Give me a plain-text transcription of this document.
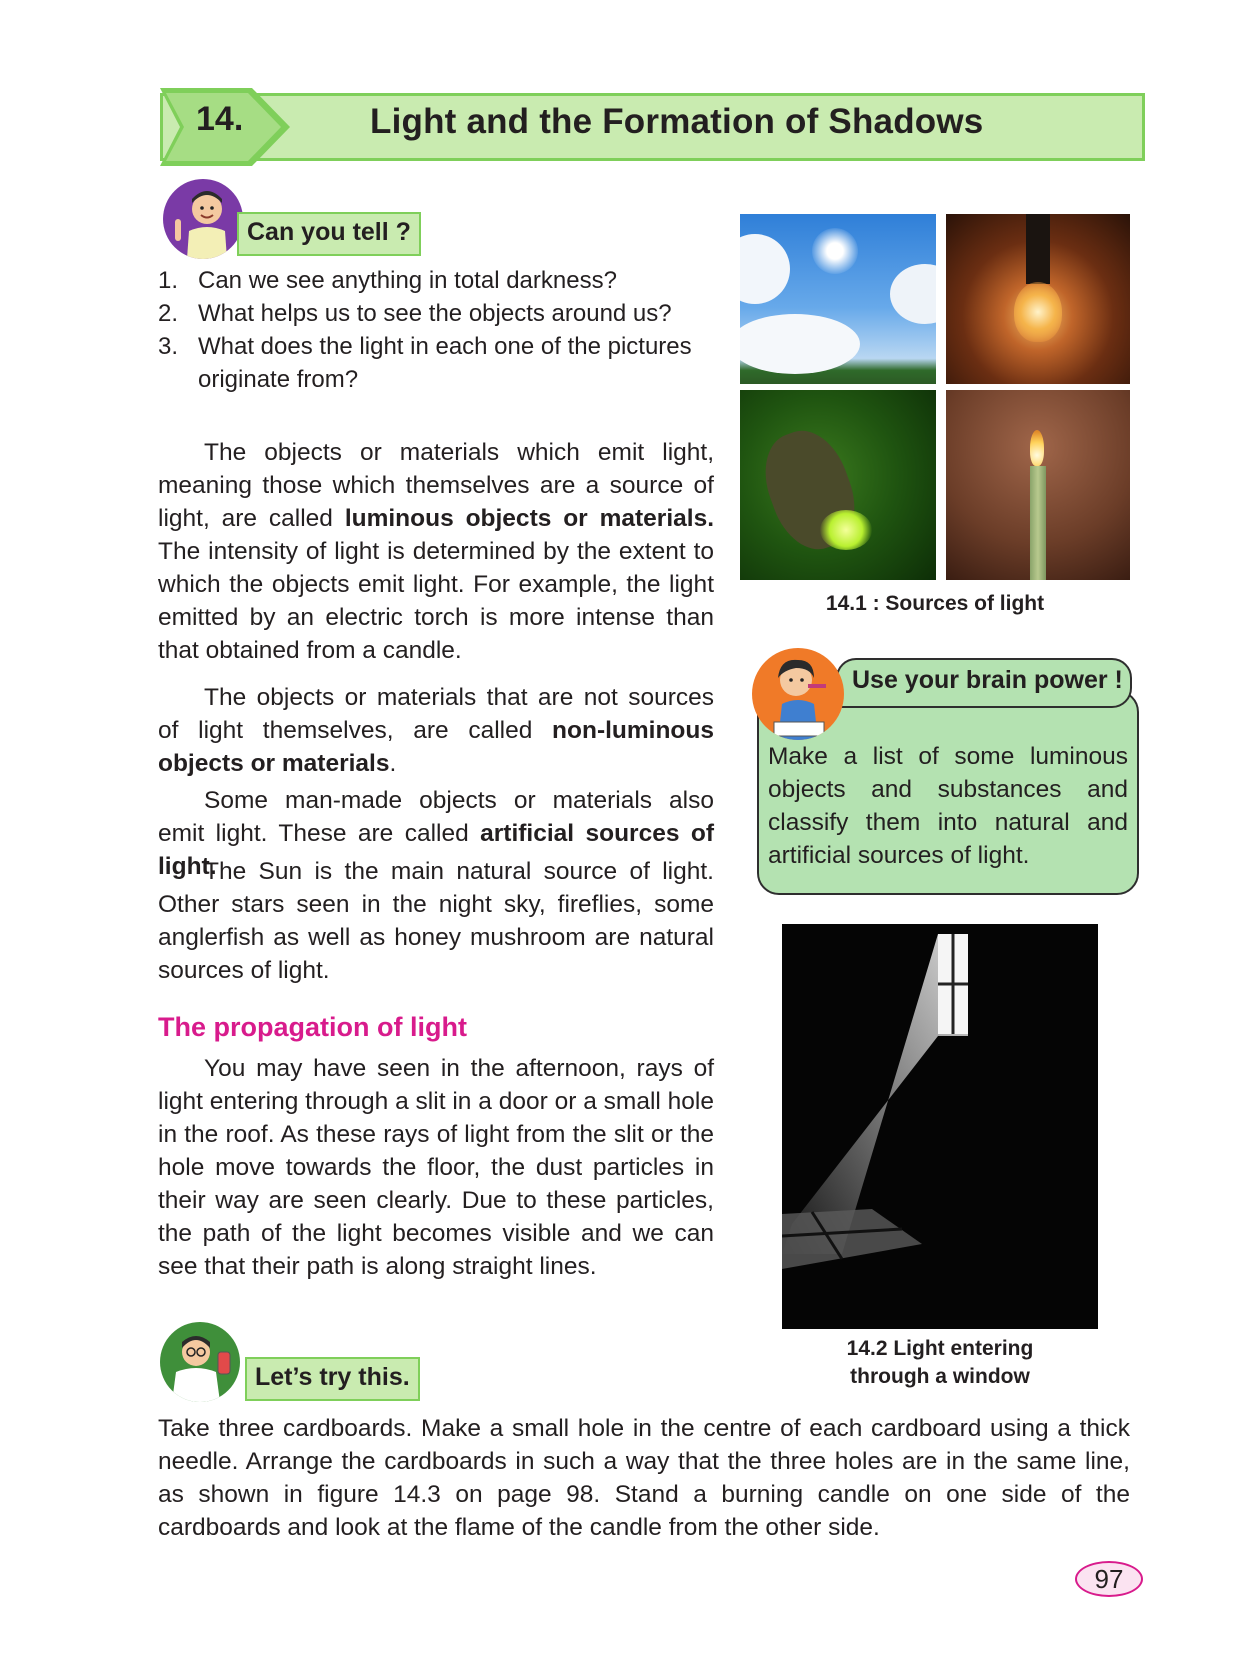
14.	Light and the Formation of Shadows
Can you tell ?
1. Can we see anything in total darkness?
2. What helps us to see the objects around us?
3. What does the light in each one of the pictures originate from?
The objects or materials which emit light, meaning those which themselves are a source of light, are called luminous objects or materials. The intensity of light is determined by the extent to which the objects emit light. For example, the light emitted by an electric torch is more intense than that obtained from a candle.
The objects or materials that are not sources of light themselves, are called non-luminous objects or materials.
Some man-made objects or materials also emit light. These are called artificial sources of light.
The Sun is the main natural source of light. Other stars seen in the night sky, fireflies, some anglerfish as well as honey mushroom are natural sources of light.
The propagation of light
You may have seen in the afternoon, rays of light entering through a slit in a door or a small hole in the roof. As these rays of light from the slit or the hole move towards the floor, the dust particles in their way are seen clearly. Due to these particles, the path of the light becomes visible and we can see that their path is along straight lines.
14.1 : Sources of light
Use your brain power !
Make a list of some luminous objects and substances and classify them into natural and artificial sources of light.
14.2 Light entering
through a window
Let’s try this.
Take three cardboards. Make a small hole in the centre of each cardboard using a thick needle. Arrange the cardboards in such a way that the three holes are in the same line, as shown in figure 14.3 on page 98. Stand a burning candle on one side of the cardboards and look at the flame of the candle from the other side.
97
